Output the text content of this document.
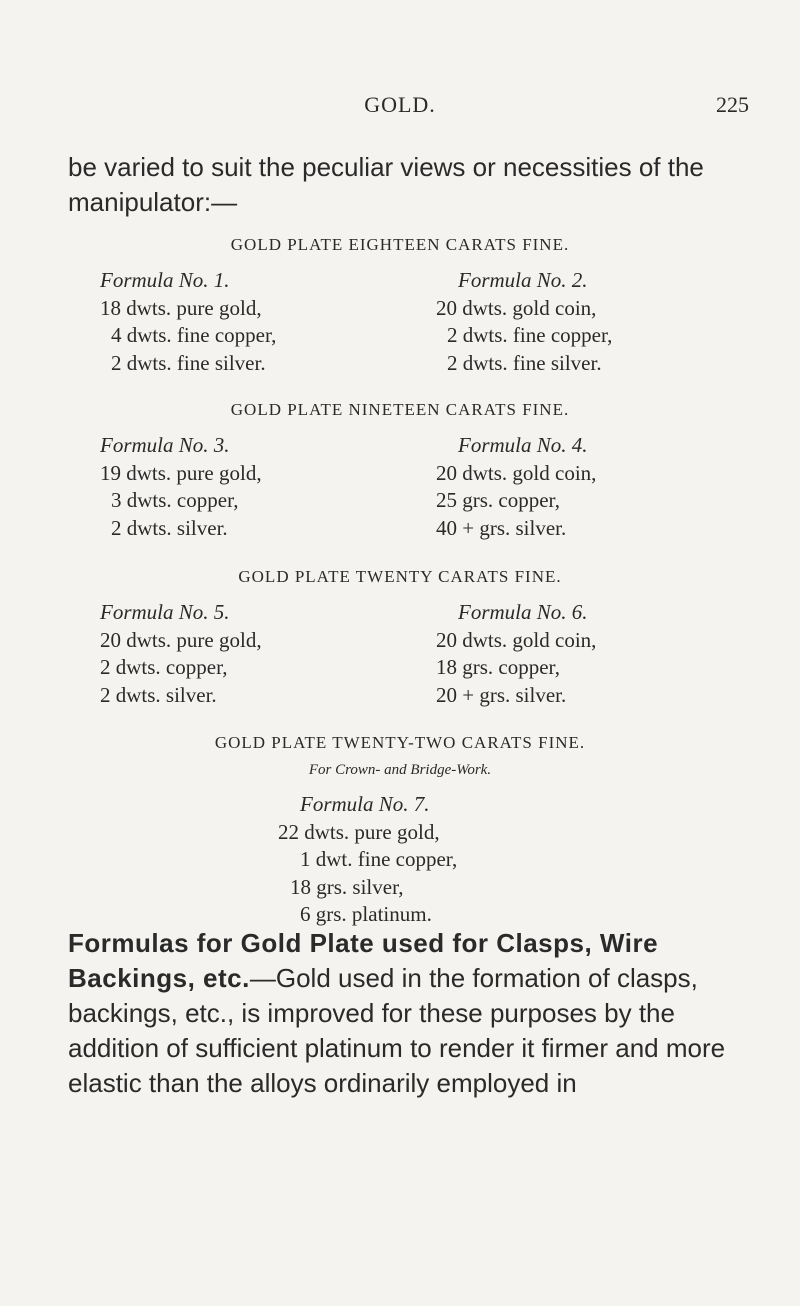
GOLD.	225

be varied to suit the peculiar views or necessities of the manipulator:—

GOLD PLATE EIGHTEEN CARATS FINE.
Formula No. 1.
18 dwts. pure gold,
4 dwts. fine copper,
2 dwts. fine silver.
Formula No. 2.
20 dwts. gold coin,
2 dwts. fine copper,
2 dwts. fine silver.
GOLD PLATE NINETEEN CARATS FINE.
Formula No. 3.
19 dwts. pure gold,
3 dwts. copper,
2 dwts. silver.
Formula No. 4.
20 dwts. gold coin,
25 grs. copper,
40 + grs. silver.
GOLD PLATE TWENTY CARATS FINE.
Formula No. 5.
20 dwts. pure gold,
2 dwts. copper,
2 dwts. silver.
Formula No. 6.
20 dwts. gold coin,
18 grs. copper,
20 + grs. silver.
GOLD PLATE TWENTY-TWO CARATS FINE.
For Crown- and Bridge-Work.
Formula No. 7.
22 dwts. pure gold,
1 dwt. fine copper,
18 grs. silver,
6 grs. platinum.

Formulas for Gold Plate used for Clasps, Wire Backings, etc.—Gold used in the formation of clasps, backings, etc., is improved for these purposes by the addition of sufficient platinum to render it firmer and more elastic than the alloys ordinarily employed in
